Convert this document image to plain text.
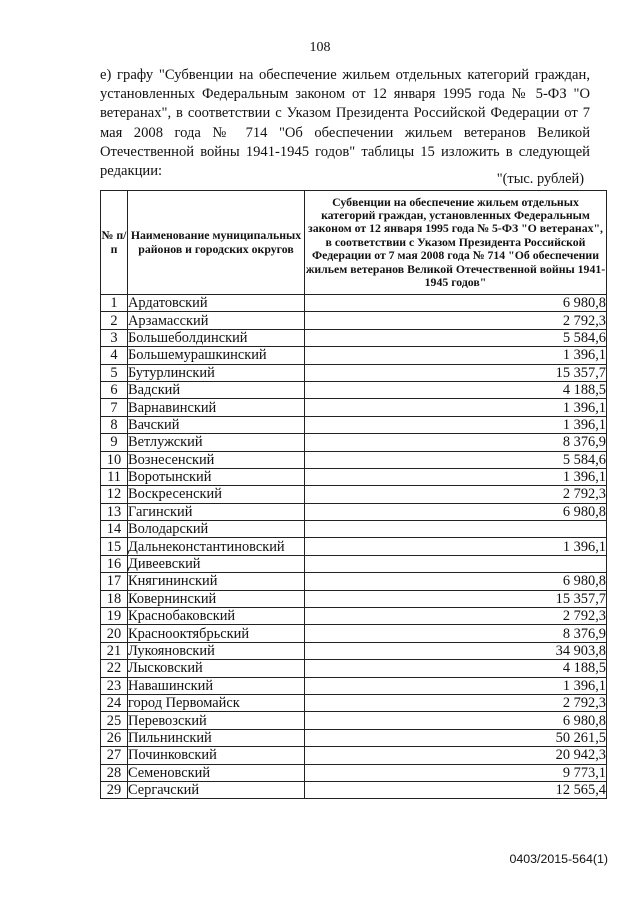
108

е) графу "Субвенции на обеспечение жильем отдельных категорий граждан, установленных Федеральным законом от 12 января 1995 года № 5-ФЗ "О ветеранах", в соответствии с Указом Президента Российской Федерации от 7 мая 2008 года № 714 "Об обеспечении жильем ветеранов Великой Отечественной войны 1941-1945 годов" таблицы 15 изложить в следующей редакции:	"(тыс. рублей)
№ п/п	Наименование муниципальных районов и городских округов	Субвенции на обеспечение жильем отдельных категорий граждан, установленных Федеральным законом от 12 января 1995 года № 5-ФЗ "О ветеранах", в соответствии с Указом Президента Российской Федерации от 7 мая 2008 года № 714 "Об обеспечении жильем ветеранов Великой Отечественной войны 1941-1945 годов"
1	Ардатовский	6 980,8
2	Арзамасский	2 792,3
3	Большеболдинский	5 584,6
4	Большемурашкинский	1 396,1
5	Бутурлинский	15 357,7
6	Вадский	4 188,5
7	Варнавинский	1 396,1
8	Вачский	1 396,1
9	Ветлужский	8 376,9
10	Вознесенский	5 584,6
11	Воротынский	1 396,1
12	Воскресенский	2 792,3
13	Гагинский	6 980,8
14	Володарский	
15	Дальнеконстантиновский	1 396,1
16	Дивеевский	
17	Княгининский	6 980,8
18	Ковернинский	15 357,7
19	Краснобаковский	2 792,3
20	Краснооктябрьский	8 376,9
21	Лукояновский	34 903,8
22	Лысковский	4 188,5
23	Навашинский	1 396,1
24	город Первомайск	2 792,3
25	Перевозский	6 980,8
26	Пильнинский	50 261,5
27	Починковский	20 942,3
28	Семеновский	9 773,1
29	Сергачский	12 565,4
0403/2015-564(1)
